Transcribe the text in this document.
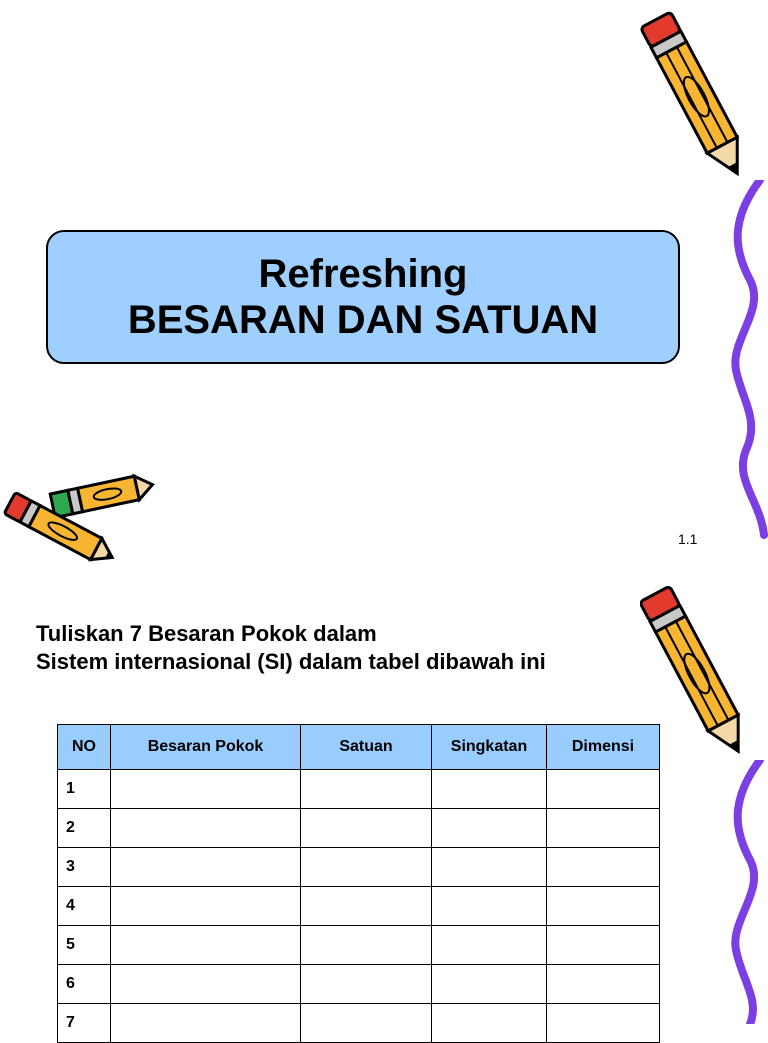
Refreshing
BESARAN DAN SATUAN
1.1
Tuliskan 7 Besaran Pokok dalam
Sistem internasional (SI) dalam tabel dibawah ini
NO	Besaran Pokok	Satuan	Singkatan	Dimensi
1				
2				
3				
4				
5				
6				
7				
